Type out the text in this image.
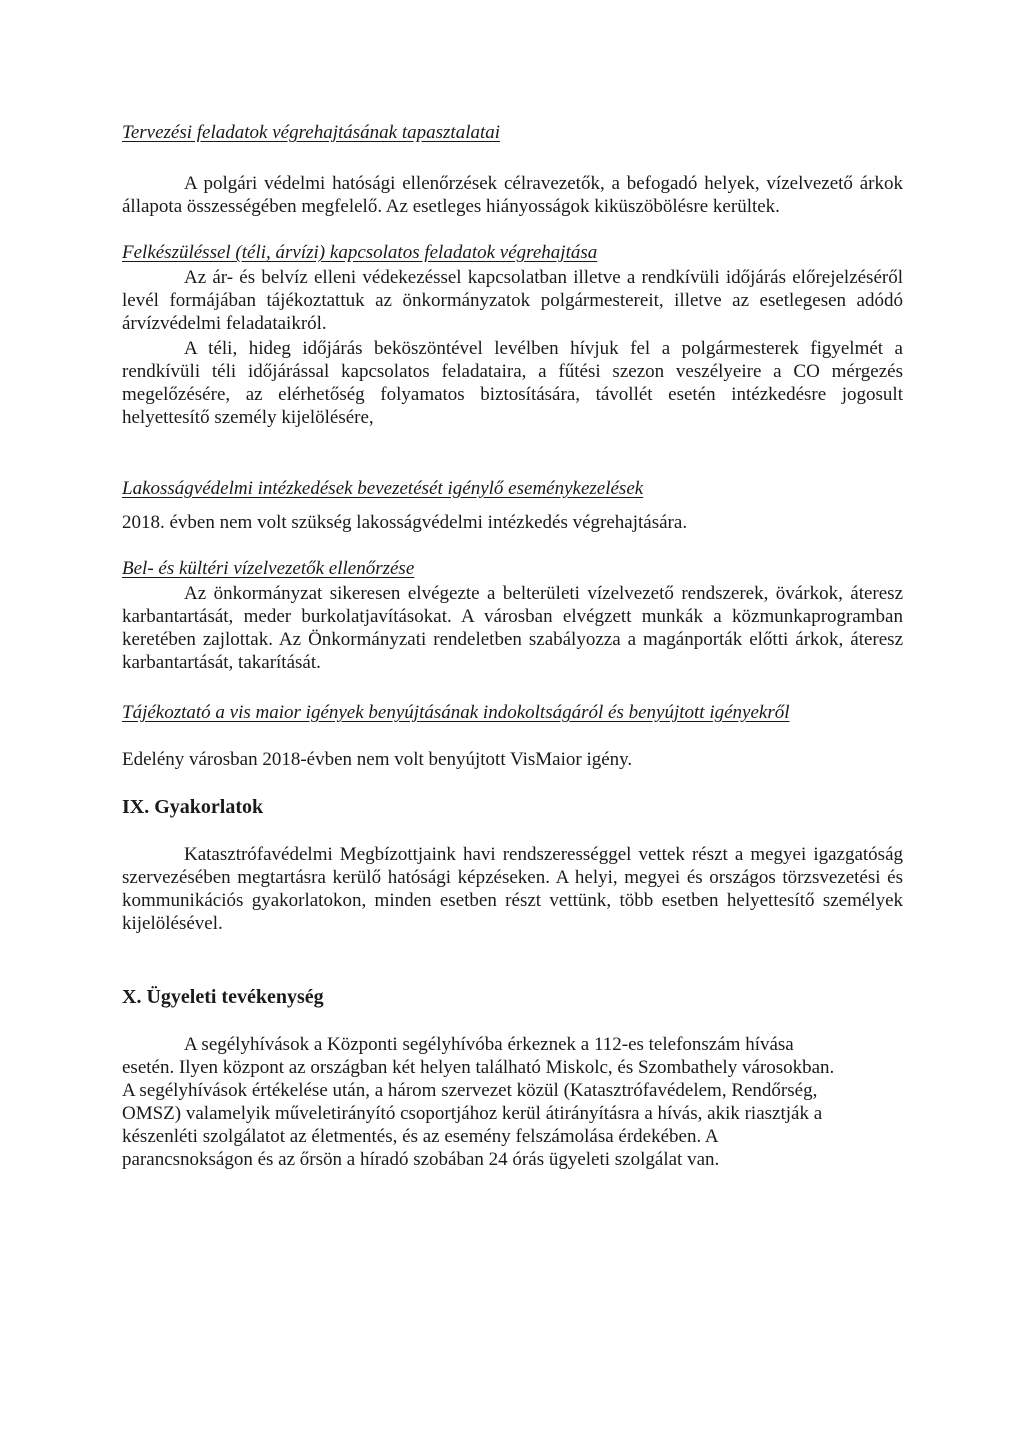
Tervezési feladatok végrehajtásának tapasztalatai

A polgári védelmi hatósági ellenőrzések célravezetők, a befogadó helyek, vízelvezető árkok állapota összességében megfelelő. Az esetleges hiányosságok kiküszöbölésre kerültek.

Felkészüléssel (téli, árvízi) kapcsolatos feladatok végrehajtása

Az ár- és belvíz elleni védekezéssel kapcsolatban illetve a rendkívüli időjárás előrejelzéséről levél formájában tájékoztattuk az önkormányzatok polgármestereit, illetve az esetlegesen adódó árvízvédelmi feladataikról.

A téli, hideg időjárás beköszöntével levélben hívjuk fel a polgármesterek figyelmét a rendkívüli téli időjárással kapcsolatos feladataira, a fűtési szezon veszélyeire a CO mérgezés megelőzésére, az elérhetőség folyamatos biztosítására, távollét esetén intézkedésre jogosult helyettesítő személy kijelölésére,

Lakosságvédelmi intézkedések bevezetését igénylő eseménykezelések

2018. évben nem volt szükség lakosságvédelmi intézkedés végrehajtására.

Bel- és kültéri vízelvezetők ellenőrzése

Az önkormányzat sikeresen elvégezte a belterületi vízelvezető rendszerek, övárkok, áteresz karbantartását, meder burkolatjavításokat. A városban elvégzett munkák a közmunkaprogramban keretében zajlottak. Az Önkormányzati rendeletben szabályozza a magánporták előtti árkok, áteresz karbantartását, takarítását.

Tájékoztató a vis maior igények benyújtásának indokoltságáról és benyújtott igényekről

Edelény városban 2018-évben nem volt benyújtott VisMaior igény.

IX. Gyakorlatok

Katasztrófavédelmi Megbízottjaink havi rendszerességgel vettek részt a megyei igazgatóság szervezésében megtartásra kerülő hatósági képzéseken. A helyi, megyei és országos törzsvezetési és kommunikációs gyakorlatokon, minden esetben részt vettünk, több esetben helyettesítő személyek kijelölésével.

X. Ügyeleti tevékenység

A segélyhívások a Központi segélyhívóba érkeznek a 112-es telefonszám hívása
esetén. Ilyen központ az országban két helyen található Miskolc, és Szombathely városokban.
A segélyhívások értékelése után, a három szervezet közül (Katasztrófavédelem, Rendőrség,
OMSZ) valamelyik műveletirányító csoportjához kerül átirányításra a hívás, akik riasztják a
készenléti szolgálatot az életmentés, és az esemény felszámolása érdekében. A
parancsnokságon és az őrsön a híradó szobában 24 órás ügyeleti szolgálat van.
